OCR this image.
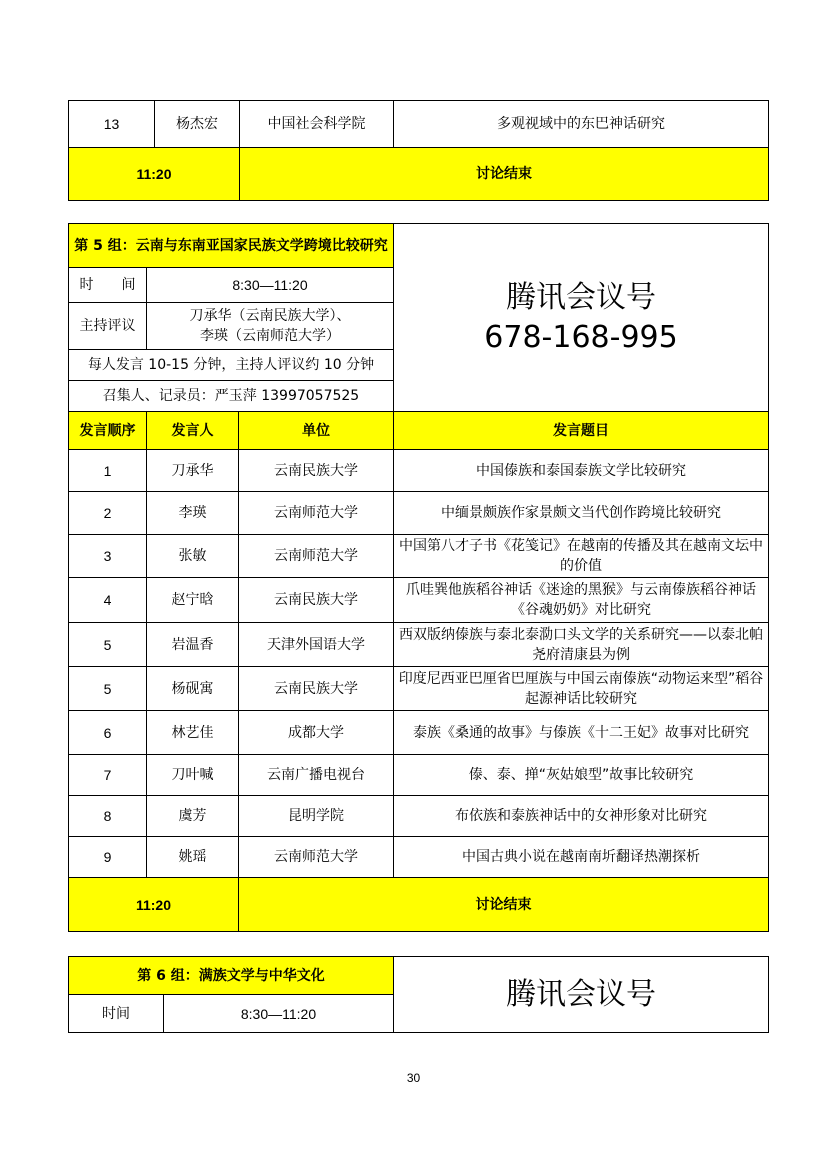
13	杨杰宏	中国社会科学院	多观视域中的东巴神话研究
11:20		讨论结束	
第 5 组：云南与东南亚国家民族文学跨境比较研究			腾讯会议号
678-168-995

时　　间	8:30—11:20		
主持评议	刀承华（云南民族大学）、
李瑛（云南师范大学）		

每人发言 10-15 分钟，主持人评议约 10 分钟			
召集人、记录员：严玉萍 13997057525			
发言顺序	发言人	单位	发言题目
1	刀承华	云南民族大学	中国傣族和泰国泰族文学比较研究
2	李瑛	云南师范大学	中缅景颇族作家景颇文当代创作跨境比较研究
3	张敏	云南师范大学	中国第八才子书《花笺记》在越南的传播及其在越南文坛中的价值
4	赵宁晗	云南民族大学	爪哇巽他族稻谷神话《迷途的黑猴》与云南傣族稻谷神话《谷魂奶奶》对比研究
5	岩温香	天津外国语大学	西双版纳傣族与泰北泰泐口头文学的关系研究——以泰北帕尧府清康县为例
5	杨砚寓	云南民族大学	印度尼西亚巴厘省巴厘族与中国云南傣族“动物运来型”稻谷起源神话比较研究
6	林艺佳	成都大学	泰族《桑通的故事》与傣族《十二王妃》故事对比研究
7	刀叶喊	云南广播电视台	傣、泰、掸“灰姑娘型”故事比较研究
8	虞芳	昆明学院	布依族和泰族神话中的女神形象对比研究
9	姚瑶	云南师范大学	中国古典小说在越南南圻翻译热潮探析
11:20		讨论结束	
第 6 组：满族文学与中华文化		腾讯会议号

时间	8:30—11:20	
30
